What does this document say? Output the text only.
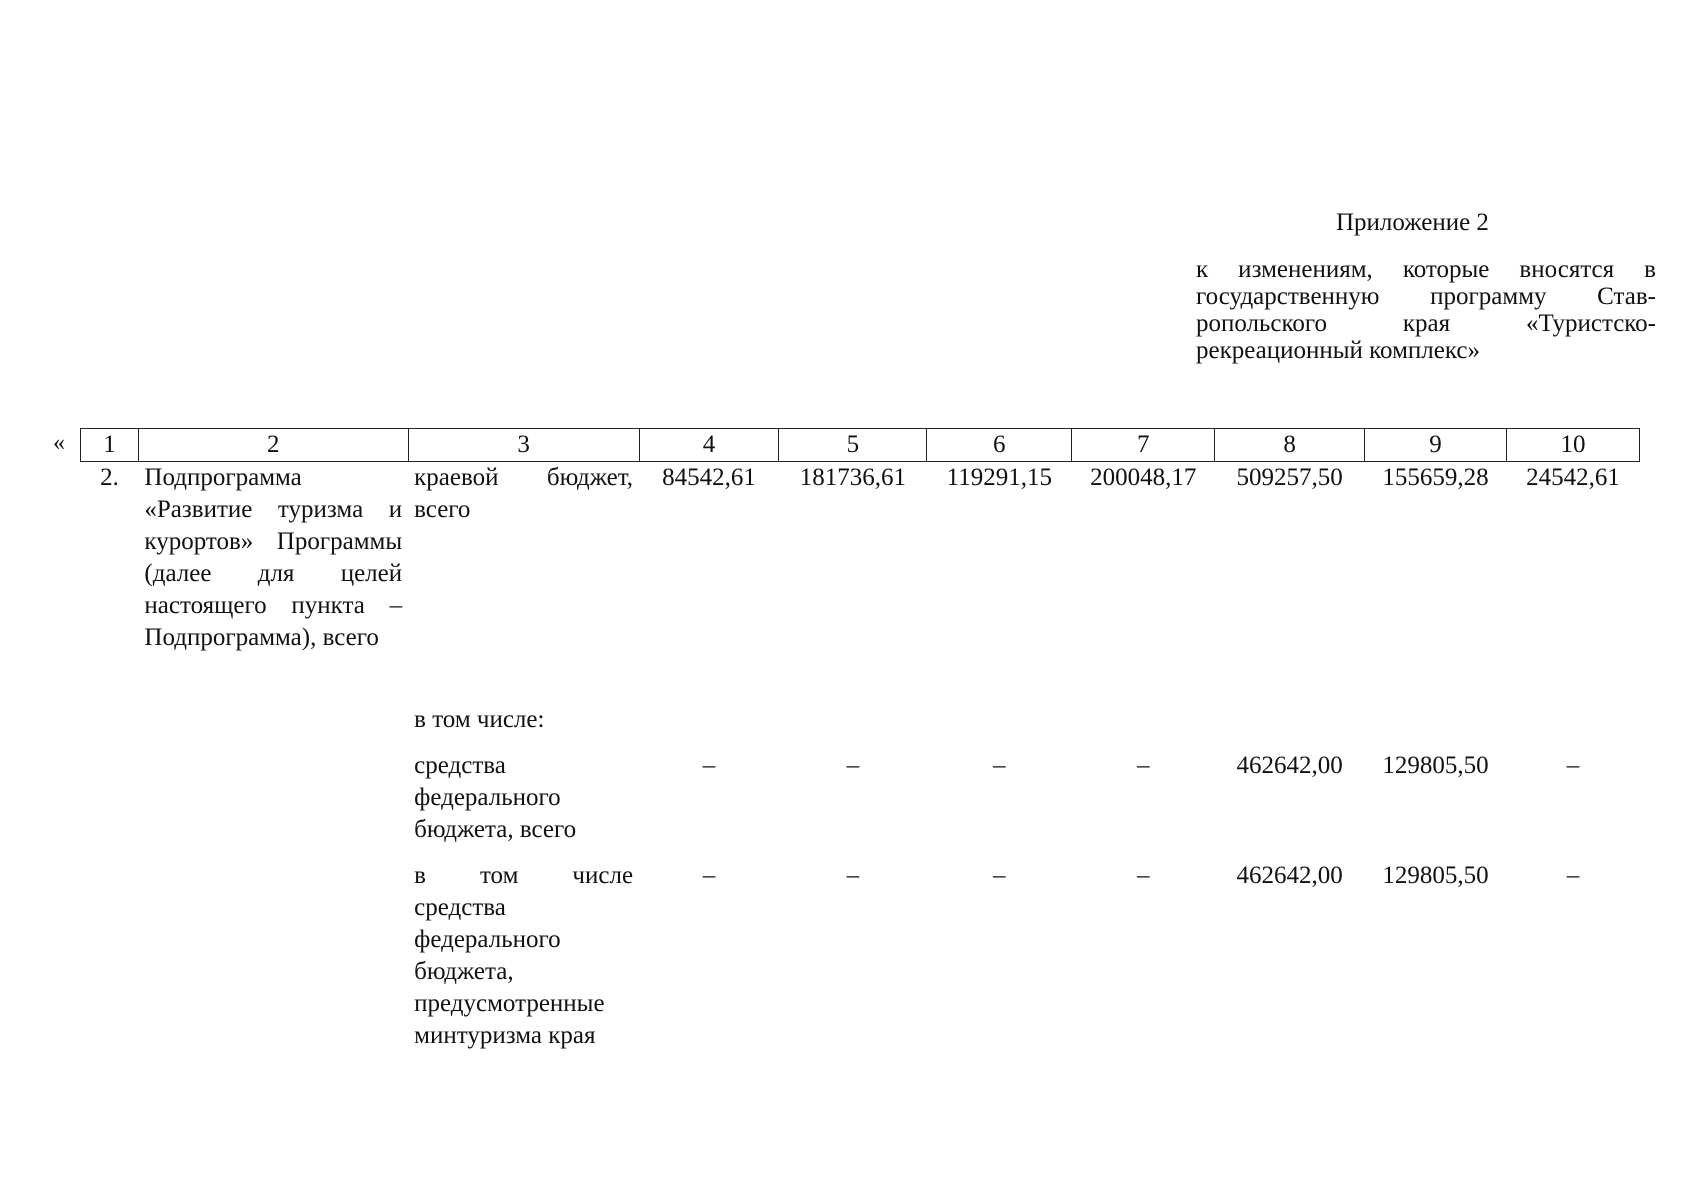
Приложение 2
к изменениям, которые вносятся в
государственную программу Став-
ропольского края «Туристско-
рекреационный комплекс»
« 1	2	3	4	5	6	7	8	9	10
2.	Подпрограмма «Развитие туризма и курортов» Программы (далее для целей настоящего пункта – Подпрограмма), всего	краевой бюджет, всего	84542,61	181736,61	119291,15	200048,17	509257,50	155659,28	24542,61
		в том числе:							

		средства федерального бюджета, всего	–	–	–	–	462642,00	129805,50	–

		в том числе средства федерального бюджета, предусмотренные минтуризма края	–	–	–	–	462642,00	129805,50	–
